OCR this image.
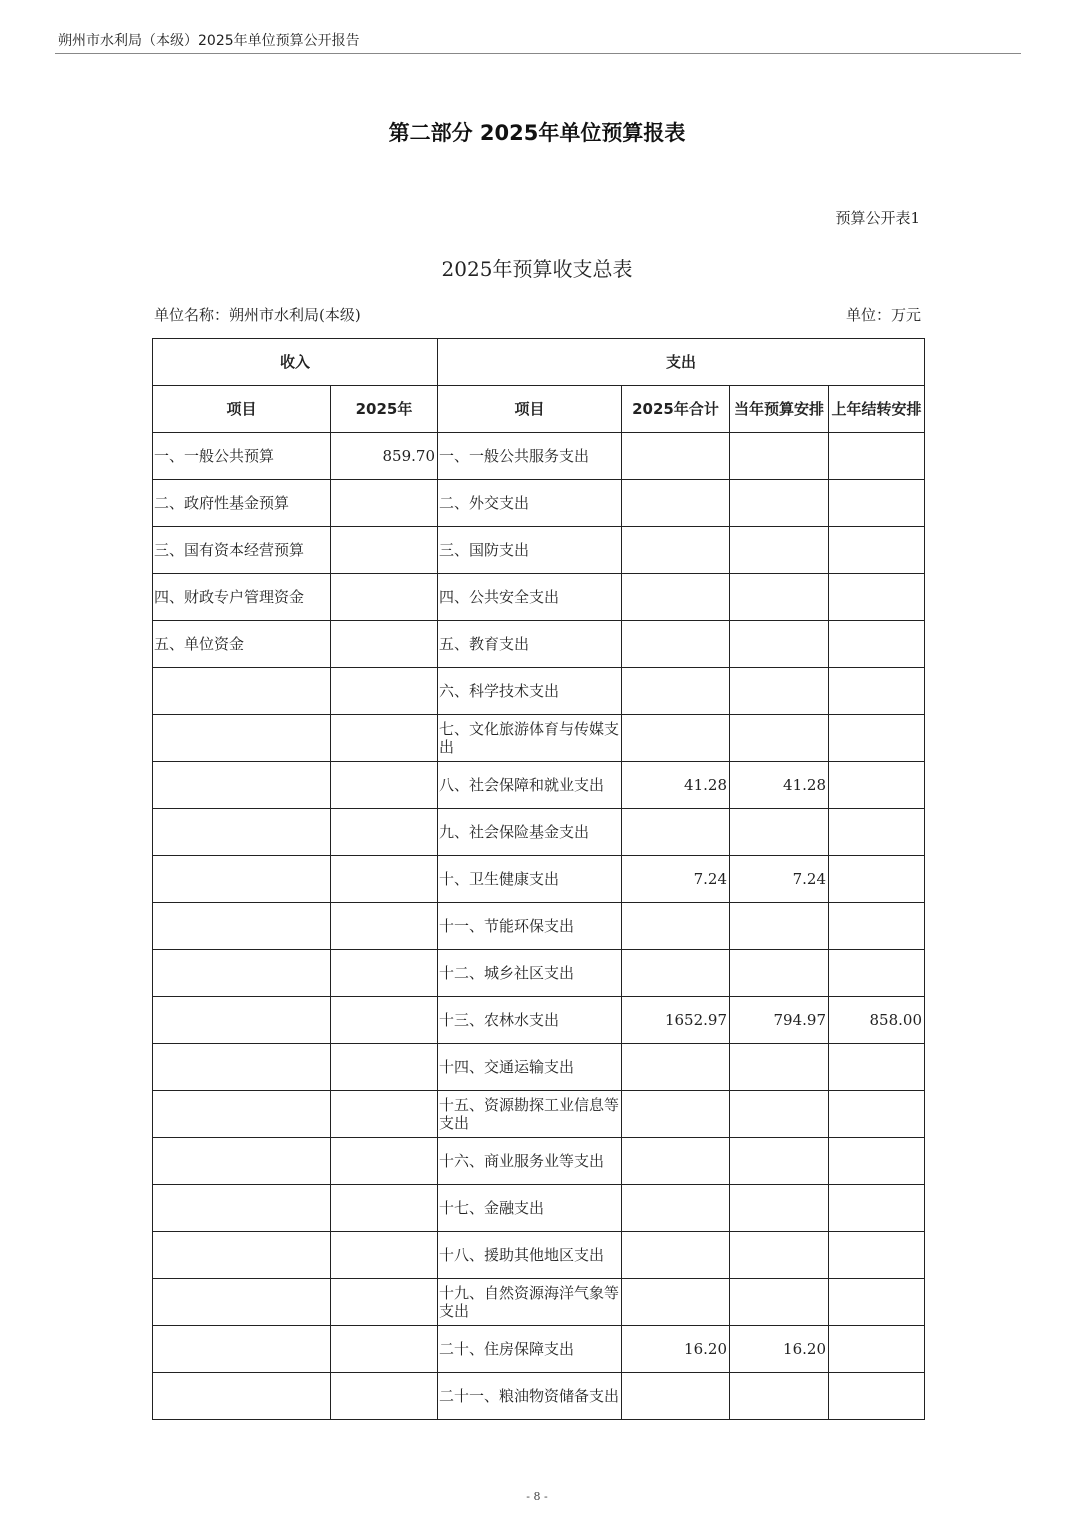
朔州市水利局（本级）2025年单位预算公开报告
第二部分 2025年单位预算报表
预算公开表1
2025年预算收支总表
单位名称：朔州市水利局(本级)	单位：万元
收入		支出			
项目	2025年	项目	2025年合计	当年预算安排	上年结转安排
一、一般公共预算	859.70	一、一般公共服务支出			
二、政府性基金预算		二、外交支出			
三、国有资本经营预算		三、国防支出			
四、财政专户管理资金		四、公共安全支出			
五、单位资金		五、教育支出			
		六、科学技术支出			
		七、文化旅游体育与传媒支出			
		八、社会保障和就业支出	41.28	41.28	
		九、社会保险基金支出			
		十、卫生健康支出	7.24	7.24	
		十一、节能环保支出			
		十二、城乡社区支出			
		十三、农林水支出	1652.97	794.97	858.00
		十四、交通运输支出			
		十五、资源勘探工业信息等支出			
		十六、商业服务业等支出			
		十七、金融支出			
		十八、援助其他地区支出			
		十九、自然资源海洋气象等支出			
		二十、住房保障支出	16.20	16.20	
		二十一、粮油物资储备支出			
- 8 -
